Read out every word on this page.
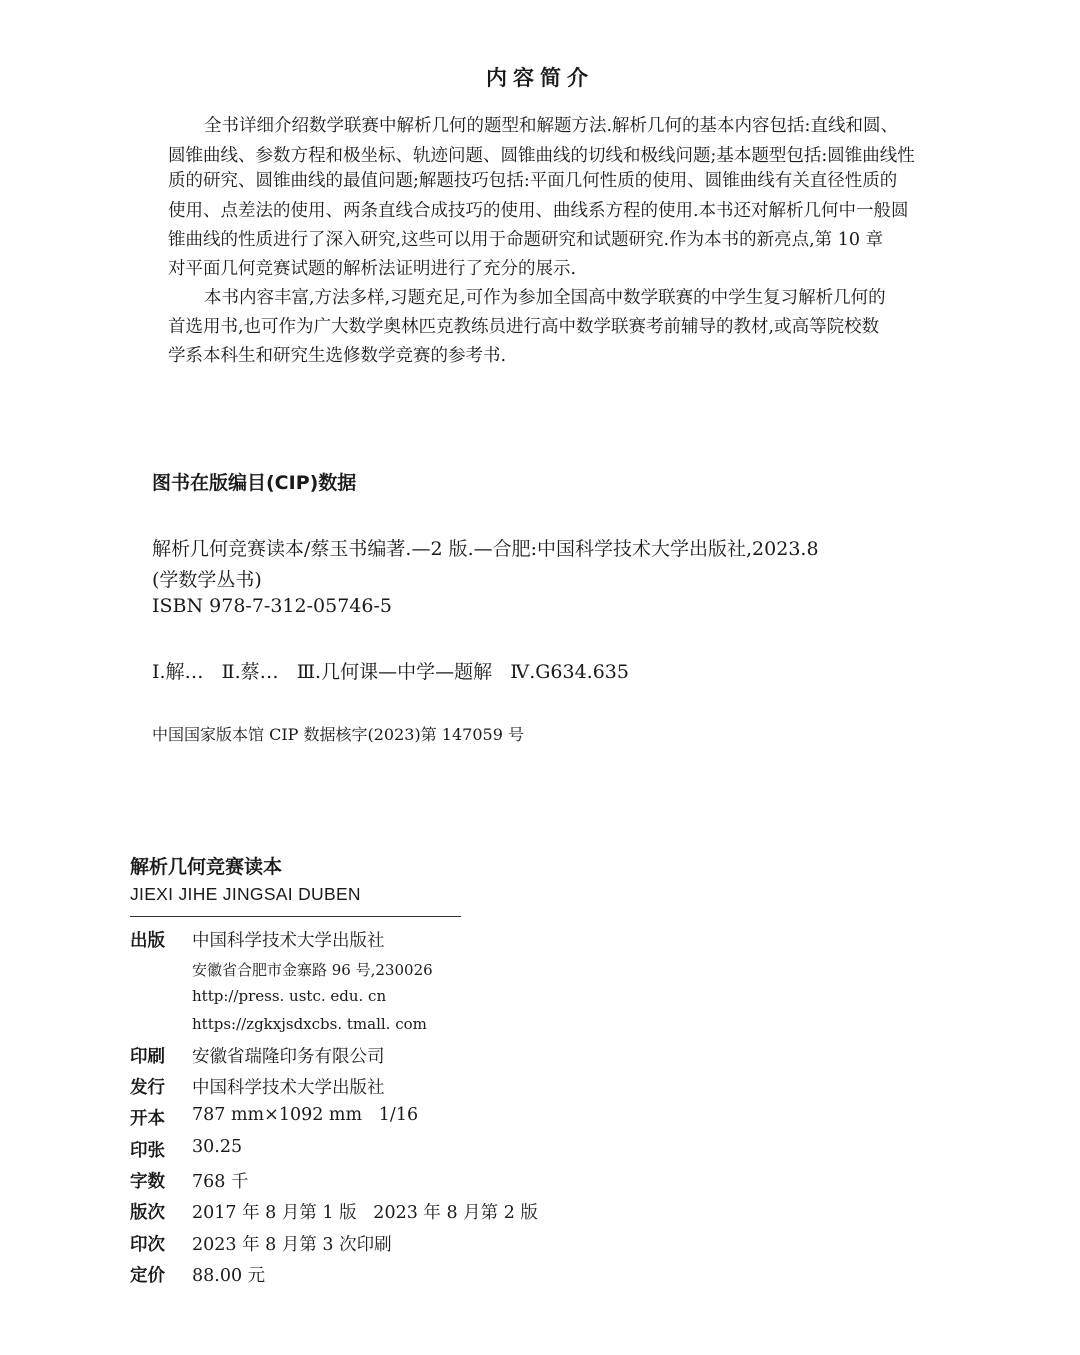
内容简介
全书详细介绍数学联赛中解析几何的题型和解题方法.解析几何的基本内容包括:直线和圆、
圆锥曲线、参数方程和极坐标、轨迹问题、圆锥曲线的切线和极线问题;基本题型包括:圆锥曲线性
质的研究、圆锥曲线的最值问题;解题技巧包括:平面几何性质的使用、圆锥曲线有关直径性质的
使用、点差法的使用、两条直线合成技巧的使用、曲线系方程的使用.本书还对解析几何中一般圆
锥曲线的性质进行了深入研究,这些可以用于命题研究和试题研究.作为本书的新亮点,第 10 章
对平面几何竞赛试题的解析法证明进行了充分的展示.
本书内容丰富,方法多样,习题充足,可作为参加全国高中数学联赛的中学生复习解析几何的
首选用书,也可作为广大数学奥林匹克教练员进行高中数学联赛考前辅导的教材,或高等院校数
学系本科生和研究生选修数学竞赛的参考书.
图书在版编目(CIP)数据
解析几何竞赛读本/蔡玉书编著.—2 版.—合肥:中国科学技术大学出版社,2023.8
(学数学丛书)
ISBN 978-7-312-05746-5
Ⅰ.解…   Ⅱ.蔡…   Ⅲ.几何课—中学—题解   Ⅳ.G634.635
中国国家版本馆 CIP 数据核字(2023)第 147059 号
解析几何竞赛读本
JIEXI JIHE JINGSAI DUBEN
出版	中国科学技术大学出版社
安徽省合肥市金寨路 96 号,230026
http://press. ustc. edu. cn
https://zgkxjsdxcbs. tmall. com
印刷	安徽省瑞隆印务有限公司
发行	中国科学技术大学出版社
开本	787 mm×1092 mm   1/16
印张	30.25
字数	768 千
版次	2017 年 8 月第 1 版   2023 年 8 月第 2 版
印次	2023 年 8 月第 3 次印刷
定价	88.00 元
